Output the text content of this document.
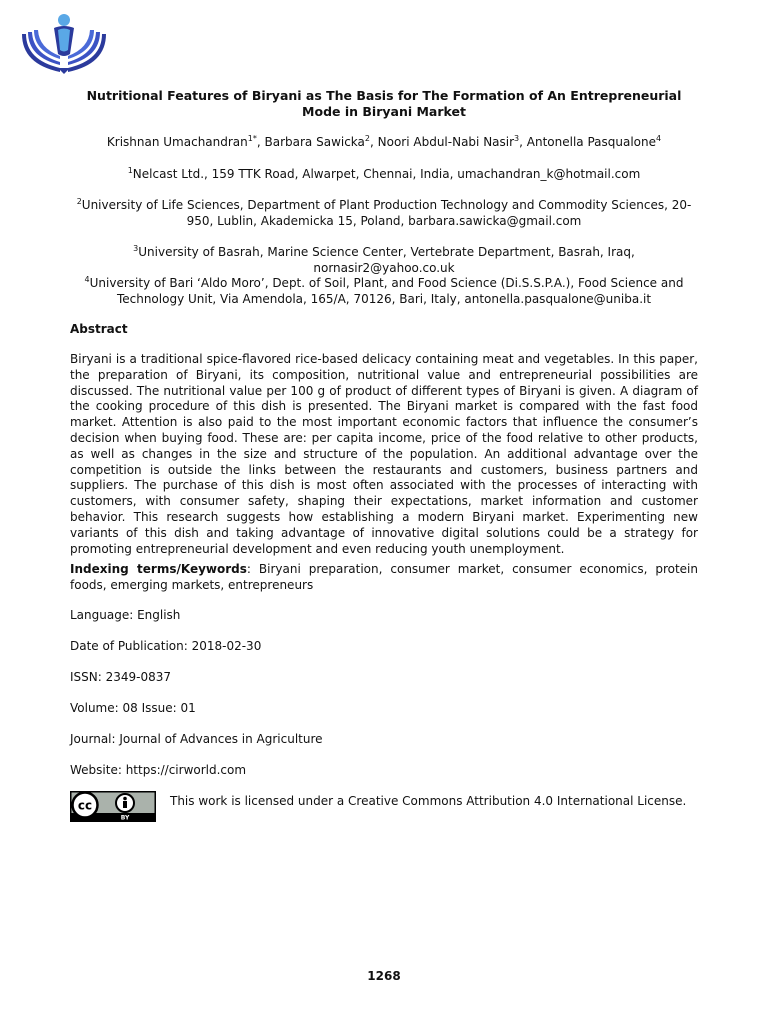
Nutritional Features of Biryani as The Basis for The Formation of An Entrepreneurial Mode in Biryani Market
Krishnan Umachandran$^{1*}$, Barbara Sawicka$^2$, Noori Abdul-Nabi Nasir$^3$, Antonella Pasqualone$^4$
$^1$Nelcast Ltd., 159 TTK Road, Alwarpet, Chennai, India, umachandran_k@hotmail.com
$^2$University of Life Sciences, Department of Plant Production Technology and Commodity Sciences, 20-950, Lublin, Akademicka 15, Poland, barbara.sawicka@gmail.com
$^3$University of Basrah, Marine Science Center, Vertebrate Department, Basrah, Iraq, nornasir2@yahoo.co.uk
$^4$University of Bari ‘Aldo Moro’, Dept. of Soil, Plant, and Food Science (Di.S.S.P.A.), Food Science and Technology Unit, Via Amendola, 165/A, 70126, Bari, Italy, antonella.pasqualone@uniba.it
Abstract
Biryani is a traditional spice-flavored rice-based delicacy containing meat and vegetables. In this paper, the preparation of Biryani, its composition, nutritional value and entrepreneurial possibilities are discussed. The nutritional value per 100 g of product of different types of Biryani is given. A diagram of the cooking procedure of this dish is presented. The Biryani market is compared with the fast food market. Attention is also paid to the most important economic factors that influence the consumer’s decision when buying food. These are: per capita income, price of the food relative to other products, as well as changes in the size and structure of the population. An additional advantage over the competition is outside the links between the restaurants and customers, business partners and suppliers. The purchase of this dish is most often associated with the processes of interacting with customers, with consumer safety, shaping their expectations, market information and customer behavior. This research suggests how establishing a modern Biryani market. Experimenting new variants of this dish and taking advantage of innovative digital solutions could be a strategy for promoting entrepreneurial development and even reducing youth unemployment.
Indexing terms/Keywords: Biryani preparation, consumer market, consumer economics, protein foods, emerging markets, entrepreneurs
Language: English
Date of Publication: 2018-02-30
ISSN: 2349-0837
Volume: 08 Issue: 01
Journal: Journal of Advances in Agriculture
Website: https://cirworld.com
cc
BY
This work is licensed under a Creative Commons Attribution 4.0 International License.
1268
